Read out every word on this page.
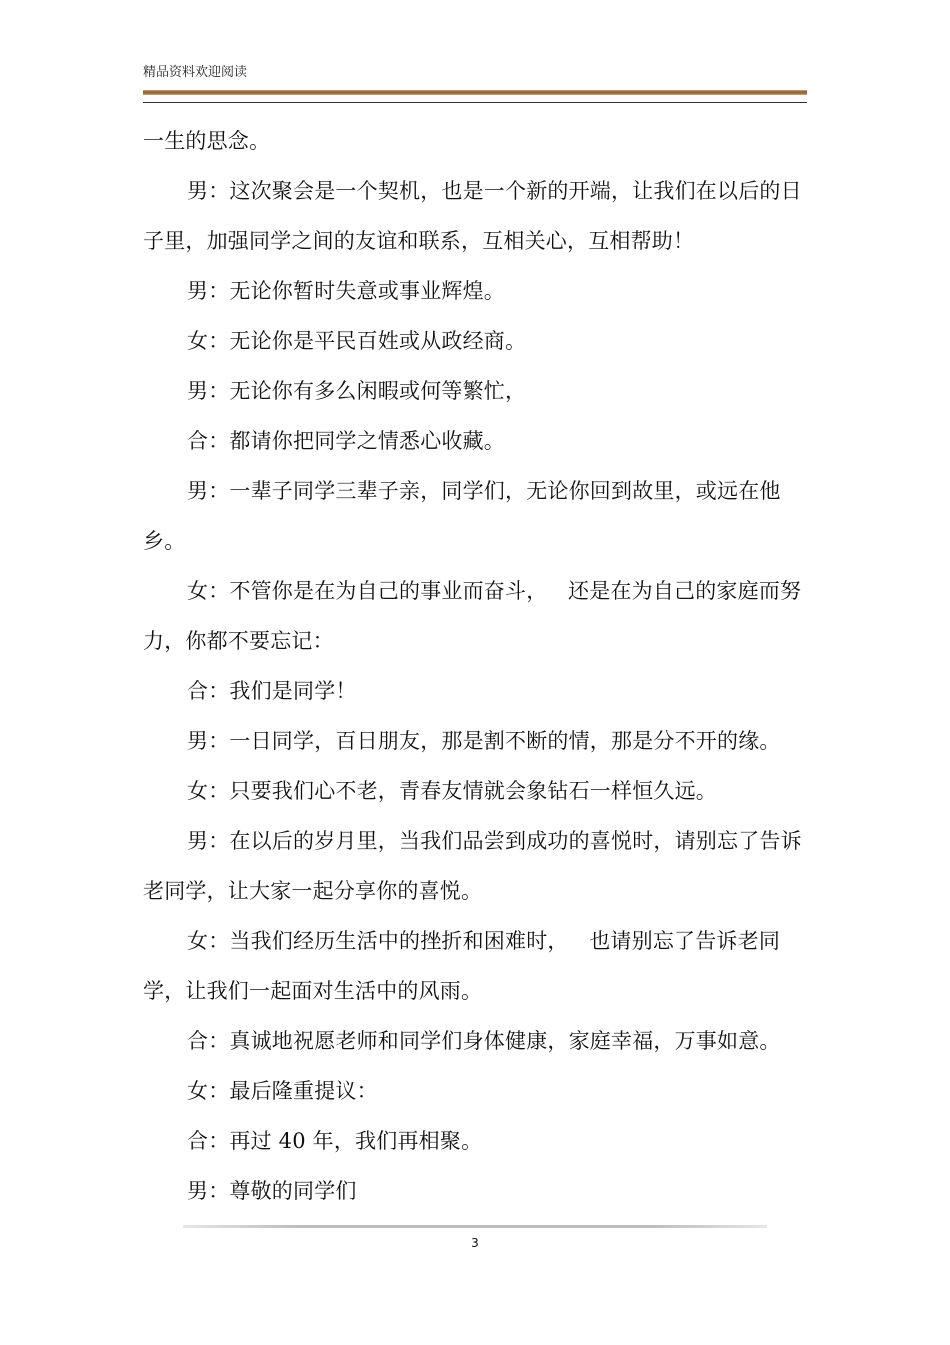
精品资料欢迎阅读

一生的思念。

男：这次聚会是一个契机，也是一个新的开端，让我们在以后的日子里，加强同学之间的友谊和联系，互相关心，互相帮助！

男：无论你暂时失意或事业辉煌。

女：无论你是平民百姓或从政经商。

男：无论你有多么闲暇或何等繁忙，

合：都请你把同学之情悉心收藏。

男：一辈子同学三辈子亲，同学们，无论你回到故里，或远在他乡。

女：不管你是在为自己的事业而奋斗，   还是在为自己的家庭而努力，你都不要忘记：

合：我们是同学！

男：一日同学，百日朋友，那是割不断的情，那是分不开的缘。

女：只要我们心不老，青春友情就会象钻石一样恒久远。

男：在以后的岁月里，当我们品尝到成功的喜悦时，请别忘了告诉老同学，让大家一起分享你的喜悦。

女：当我们经历生活中的挫折和困难时，   也请别忘了告诉老同学，让我们一起面对生活中的风雨。

合：真诚地祝愿老师和同学们身体健康，家庭幸福，万事如意。

女：最后隆重提议：

合：再过 40 年，我们再相聚。

男：尊敬的同学们

3
